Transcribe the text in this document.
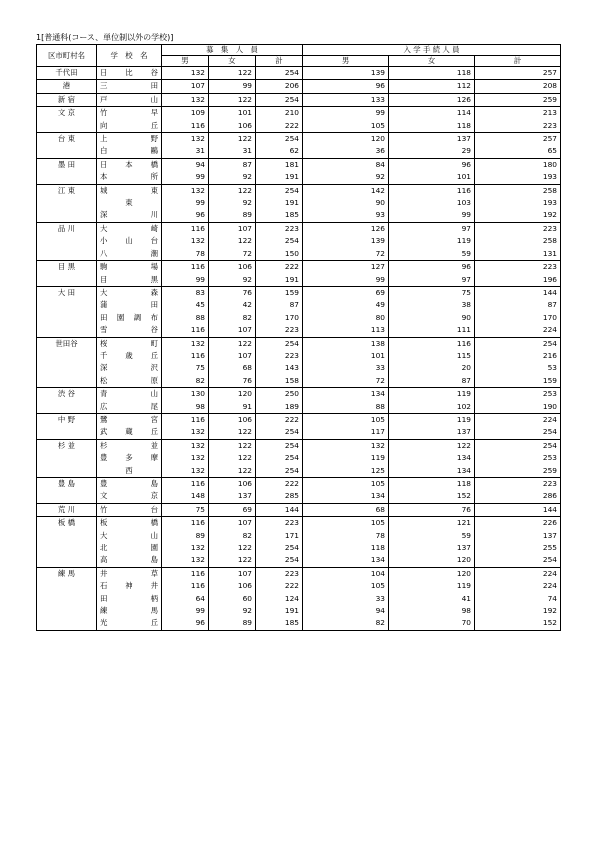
1[普通科(コース、単位制以外の学校)]
区市町村名	学　校　名	募　集　人　員			入 学 手 続 人 員		
		男	女	計	男	女	計
千代田	日 比 谷	132	122	254	139	118	257
港	三 田	107	99	206	96	112	208
新 宿	戸 山	132	122	254	133	126	259
文 京	竹 早	109	101	210	99	114	213

	向 丘	116	106	222	105	118	223
台 東	上 野	132	122	254	120	137	257

	白 鷗	31	31	62	36	29	65
墨 田	日 本 橋	94	87	181	84	96	180

	本 所	99	92	191	92	101	193
江 東	城 東	132	122	254	142	116	258

	東	99	92	191	90	103	193

	深 川	96	89	185	93	99	192
品 川	大 崎	116	107	223	126	97	223

	小 山 台	132	122	254	139	119	258

	八 潮	78	72	150	72	59	131
目 黒	駒 場	116	106	222	127	96	223

	目 黒	99	92	191	99	97	196
大 田	大 森	83	76	159	69	75	144

	蒲 田	45	42	87	49	38	87

	田 園 調 布	88	82	170	80	90	170

	雪 谷	116	107	223	113	111	224
世田谷	桜 町	132	122	254	138	116	254

	千 歳 丘	116	107	223	101	115	216

	深 沢	75	68	143	33	20	53

	松 原	82	76	158	72	87	159
渋 谷	青 山	130	120	250	134	119	253

	広 尾	98	91	189	88	102	190
中 野	鷺 宮	116	106	222	105	119	224

	武 蔵 丘	132	122	254	117	137	254
杉 並	杉 並	132	122	254	132	122	254

	豊 多 摩	132	122	254	119	134	253

	西	132	122	254	125	134	259
豊 島	豊 島	116	106	222	105	118	223

	文 京	148	137	285	134	152	286
荒 川	竹 台	75	69	144	68	76	144
板 橋	板 橋	116	107	223	105	121	226

	大 山	89	82	171	78	59	137

	北 園	132	122	254	118	137	255

	高 島	132	122	254	134	120	254
練 馬	井 草	116	107	223	104	120	224

	石 神 井	116	106	222	105	119	224

	田 柄	64	60	124	33	41	74

	練 馬	99	92	191	94	98	192

	光 丘	96	89	185	82	70	152
